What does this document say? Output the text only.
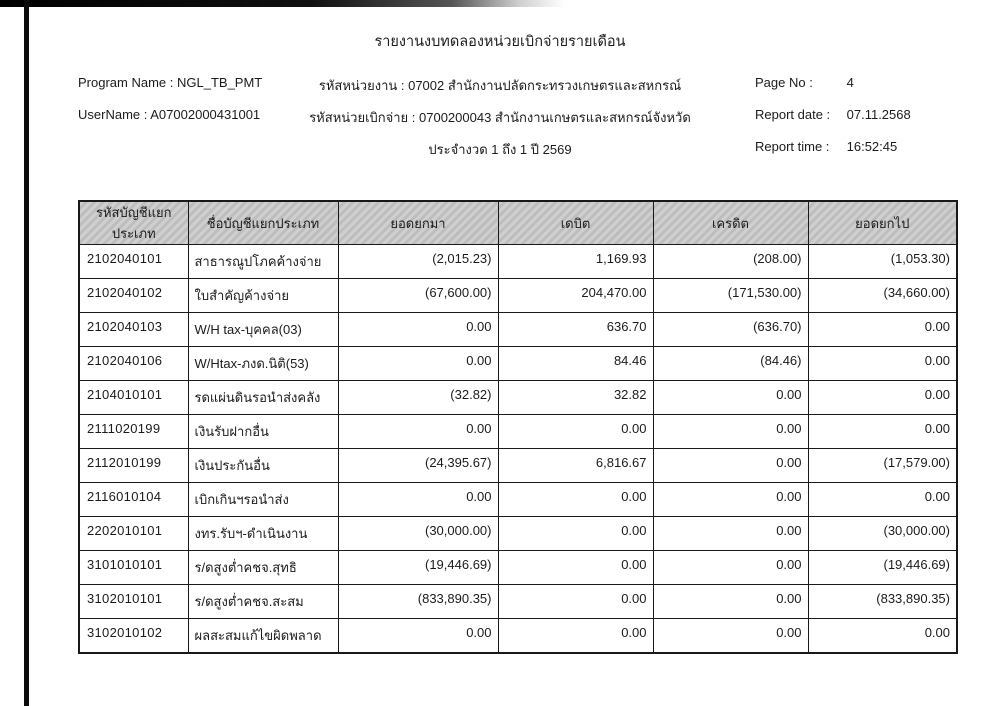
รายงานงบทดลองหน่วยเบิกจ่ายรายเดือน
Program Name : NGL_TB_PMT	รหัสหน่วยงาน : 07002 สำนักงานปลัดกระทรวงเกษตรและสหกรณ์	Page No :	4
UserName : A07002000431001	รหัสหน่วยเบิกจ่าย : 0700200043 สำนักงานเกษตรและสหกรณ์จังหวัด	Report date : 07.11.2568
ประจำงวด 1 ถึง 1 ปี 2569	Report time : 16:52:45
รหัสบัญชีแยกประเภท	ชื่อบัญชีแยกประเภท	ยอดยกมา	เดบิต	เครดิต	ยอดยกไป
2102040101	สาธารณูปโภคค้างจ่าย	(2,015.23)	1,169.93	(208.00)	(1,053.30)
2102040102	ใบสำคัญค้างจ่าย	(67,600.00)	204,470.00	(171,530.00)	(34,660.00)
2102040103	W/H tax-บุคคล(03)	0.00	636.70	(636.70)	0.00
2102040106	W/Htax-ภงด.นิติ(53)	0.00	84.46	(84.46)	0.00
2104010101	รดแผ่นดินรอนำส่งคลัง	(32.82)	32.82	0.00	0.00
2111020199	เงินรับฝากอื่น	0.00	0.00	0.00	0.00
2112010199	เงินประกันอื่น	(24,395.67)	6,816.67	0.00	(17,579.00)
2116010104	เบิกเกินฯรอนำส่ง	0.00	0.00	0.00	0.00
2202010101	งทร.รับฯ-ดำเนินงาน	(30,000.00)	0.00	0.00	(30,000.00)
3101010101	ร/ดสูงต่ำคชจ.สุทธิ	(19,446.69)	0.00	0.00	(19,446.69)
3102010101	ร/ดสูงต่ำคชจ.สะสม	(833,890.35)	0.00	0.00	(833,890.35)
3102010102	ผลสะสมแก้ไขผิดพลาด	0.00	0.00	0.00	0.00
